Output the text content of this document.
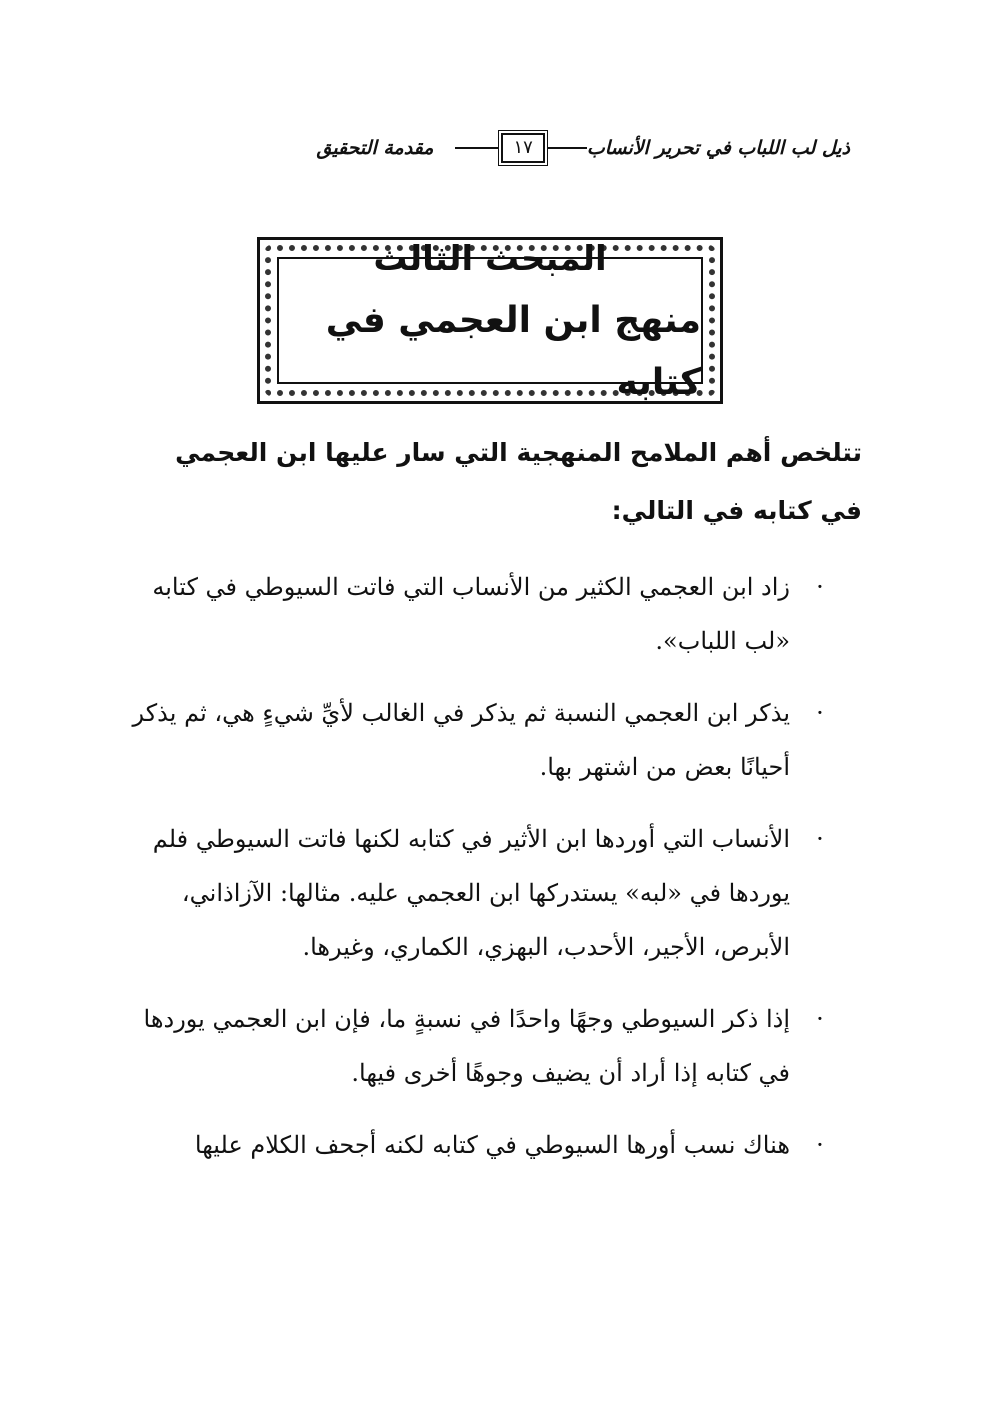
ذيل لب اللباب في تحرير الأنساب
١٧
مقدمة التحقيق
المبحث الثالث
منهج ابن العجمي في كتابه
تتلخص أهم الملامح المنهجية التي سار عليها ابن العجمي في كتابه في التالي:
·
زاد ابن العجمي الكثير من الأنساب التي فاتت السيوطي في كتابه «لب اللباب».
·
يذكر ابن العجمي النسبة ثم يذكر في الغالب لأيِّ شيءٍ هي، ثم يذكر أحيانًا بعض من اشتهر بها.
·
الأنساب التي أوردها ابن الأثير في كتابه لكنها فاتت السيوطي فلم يوردها في «لبه» يستدركها ابن العجمي عليه. مثالها: الآزاذاني، الأبرص، الأجير، الأحدب، البهزي، الكماري، وغيرها.
·
إذا ذكر السيوطي وجهًا واحدًا في نسبةٍ ما، فإن ابن العجمي يوردها في كتابه إذا أراد أن يضيف وجوهًا أخرى فيها.
·
هناك نسب أورها السيوطي في كتابه لكنه أجحف الكلام عليها
